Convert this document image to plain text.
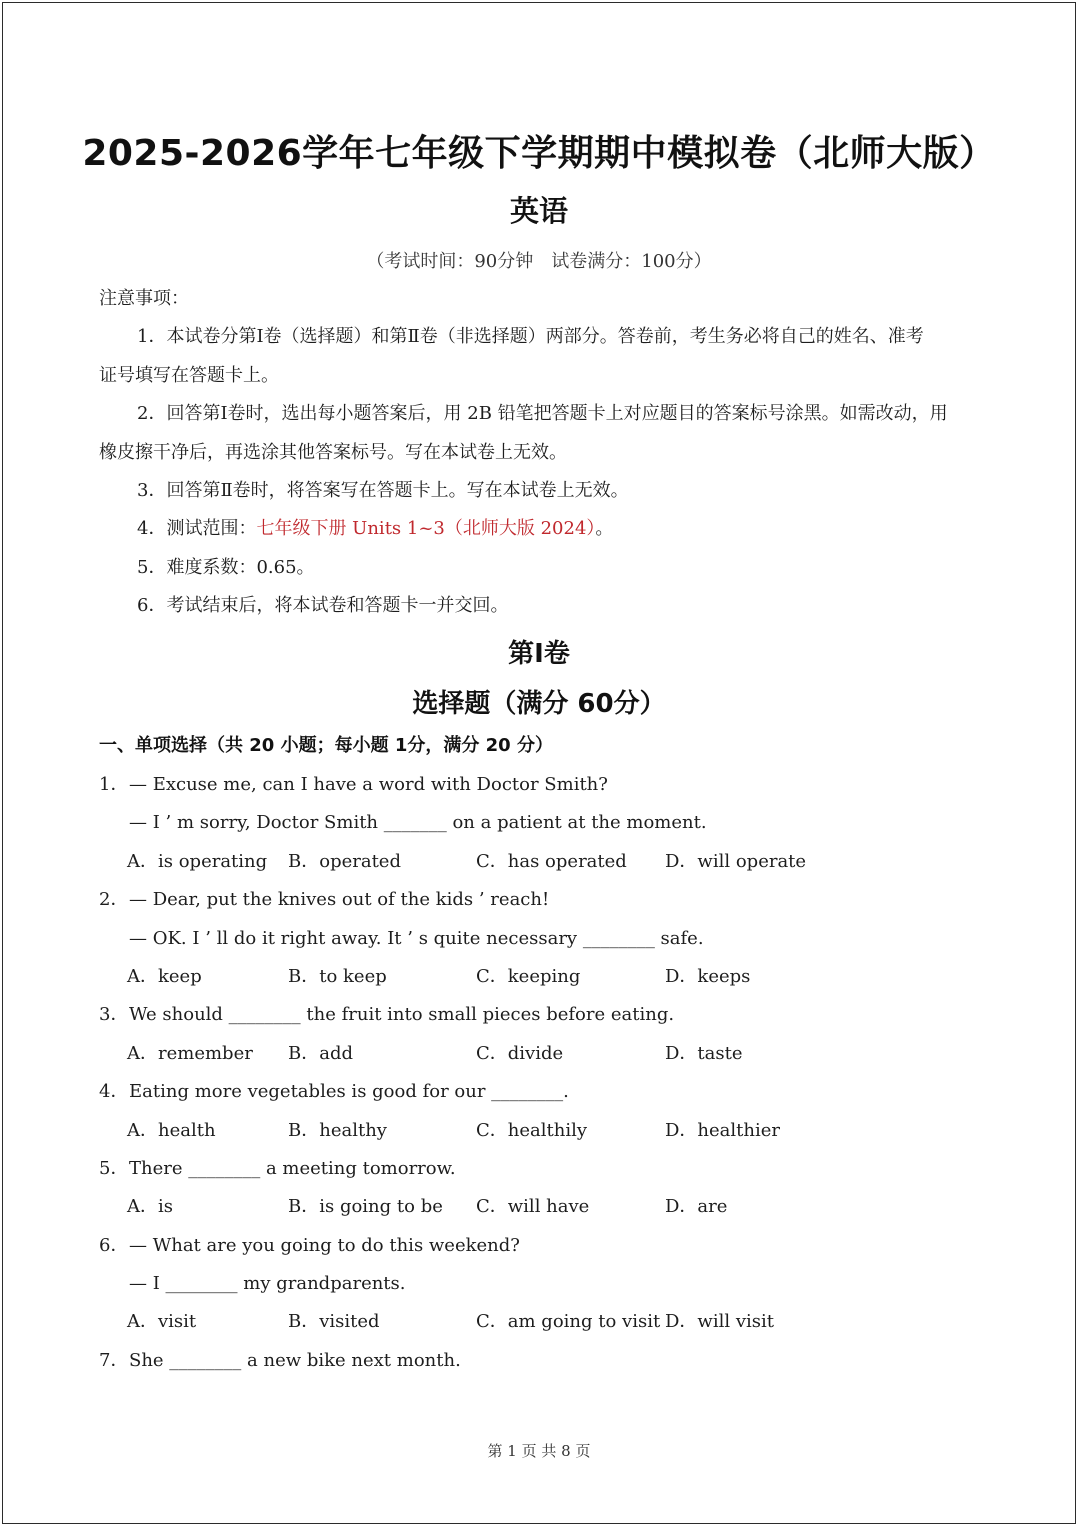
2025-2026学年七年级下学期期中模拟卷（北师大版）
英语
（考试时间：90分钟　试卷满分：100分）
注意事项：
1．本试卷分第Ⅰ卷（选择题）和第Ⅱ卷（非选择题）两部分。答卷前，考生务必将自己的姓名、准考
证号填写在答题卡上。
2．回答第Ⅰ卷时，选出每小题答案后，用 2B 铅笔把答题卡上对应题目的答案标号涂黑。如需改动，用
橡皮擦干净后，再选涂其他答案标号。写在本试卷上无效。
3．回答第Ⅱ卷时，将答案写在答题卡上。写在本试卷上无效。
4．测试范围：七年级下册 Units 1~3（北师大版 2024）。
5．难度系数：0.65。
6．考试结束后，将本试卷和答题卡一并交回。
第Ⅰ卷
选择题（满分 60分）
一、单项选择（共 20 小题；每小题 1分，满分 20 分）
1．— Excuse me, can I have a word with Doctor Smith?
— I ’ m sorry, Doctor Smith _______ on a patient at the moment.
A．is operating B．operated	C．has operated D．will operate
2．— Dear, put the knives out of the kids ’ reach!
— OK. I ’ ll do it right away. It ’ s quite necessary ________ safe.
A．keep	B．to keep	C．keeping	D．keeps
3．We should ________ the fruit into small pieces before eating.
A．remember B．add	C．divide	D．taste
4．Eating more vegetables is good for our ________.
A．health	B．healthy	C．healthily	D．healthier
5．There ________ a meeting tomorrow.
A．is	B．is going to be C．will have	D．are
6．— What are you going to do this weekend?
— I ________ my grandparents.
A．visit	B．visited	C．am going to visit D．will visit
7．She ________ a new bike next month.
第 1 页 共 8 页
